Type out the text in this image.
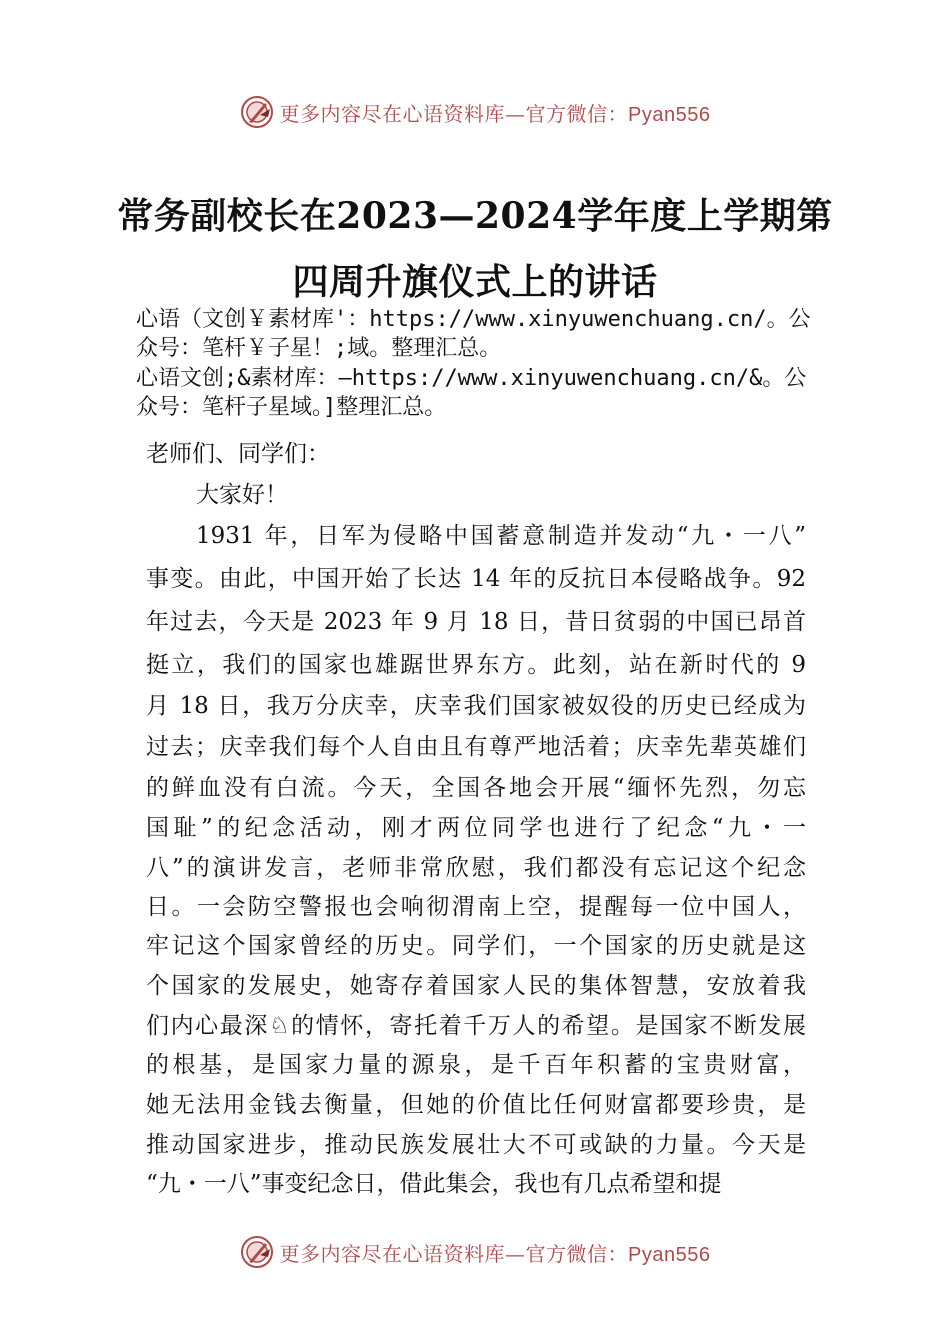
更多内容尽在心语资料库—官方微信：Pyan556
常务副校长在2023—2024学年度上学期第
四周升旗仪式上的讲话
心语（文创￥素材库'：https://www.xinyuwenchuang.cn/。公
众号：笔杆￥子星！;域。整理汇总。
心语文创;&素材库：—https://www.xinyuwenchuang.cn/&。公
众号：笔杆子星域。]整理汇总。
老师们、同学们：
大家好！
1931 年，日军为侵略中国蓄意制造并发动“九・一八”
事变。由此，中国开始了长达 14 年的反抗日本侵略战争。92
年过去，今天是 2023 年 9 月 18 日，昔日贫弱的中国已昂首
挺立，我们的国家也雄踞世界东方。此刻，站在新时代的 9
月 18 日，我万分庆幸，庆幸我们国家被奴役的历史已经成为
过去；庆幸我们每个人自由且有尊严地活着；庆幸先辈英雄们
的鲜血没有白流。今天，全国各地会开展“缅怀先烈，勿忘
国耻”的纪念活动，刚才两位同学也进行了纪念“九・一
八”的演讲发言，老师非常欣慰，我们都没有忘记这个纪念
日。一会防空警报也会响彻渭南上空，提醒每一位中国人，
牢记这个国家曾经的历史。同学们，一个国家的历史就是这
个国家的发展史，她寄存着国家人民的集体智慧，安放着我
们内心最深♘的情怀，寄托着千万人的希望。是国家不断发展
的根基，是国家力量的源泉，是千百年积蓄的宝贵财富，
她无法用金钱去衡量，但她的价值比任何财富都要珍贵，是
推动国家进步，推动民族发展壮大不可或缺的力量。今天是
“九・一八”事变纪念日，借此集会，我也有几点希望和提
更多内容尽在心语资料库—官方微信：Pyan556
